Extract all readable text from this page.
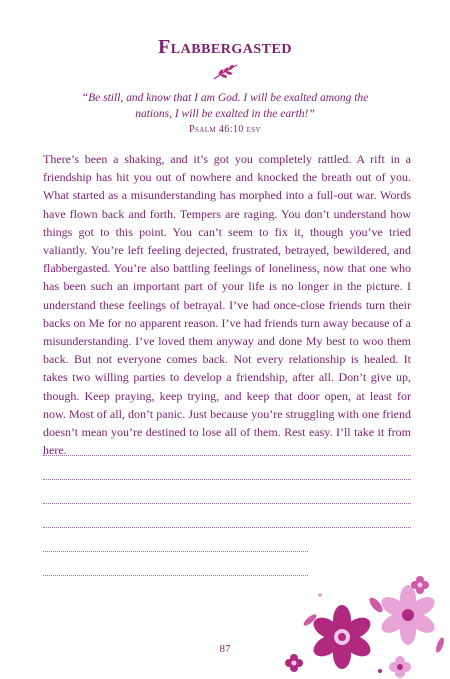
Flabbergasted
“Be still, and know that I am God. I will be exalted among the nations, I will be exalted in the earth!”
Psalm 46:10 esv
There’s been a shaking, and it’s got you completely rattled. A rift in a friendship has hit you out of nowhere and knocked the breath out of you. What started as a misunderstanding has morphed into a full-out war. Words have flown back and forth. Tempers are raging. You don’t understand how things got to this point. You can’t seem to fix it, though you’ve tried valiantly. You’re left feeling dejected, frustrated, betrayed, bewildered, and flabbergasted. You’re also battling feelings of loneliness, now that one who has been such an important part of your life is no longer in the picture. I understand these feelings of betrayal. I’ve had once-close friends turn their backs on Me for no apparent reason. I’ve had friends turn away because of a misunderstanding. I’ve loved them anyway and done My best to woo them back. But not everyone comes back. Not every relationship is healed. It takes two willing parties to develop a friendship, after all. Don’t give up, though. Keep praying, keep trying, and keep that door open, at least for now. Most of all, don’t panic. Just because you’re struggling with one friend doesn’t mean you’re destined to lose all of them. Rest easy. I’ll take it from here.
87
